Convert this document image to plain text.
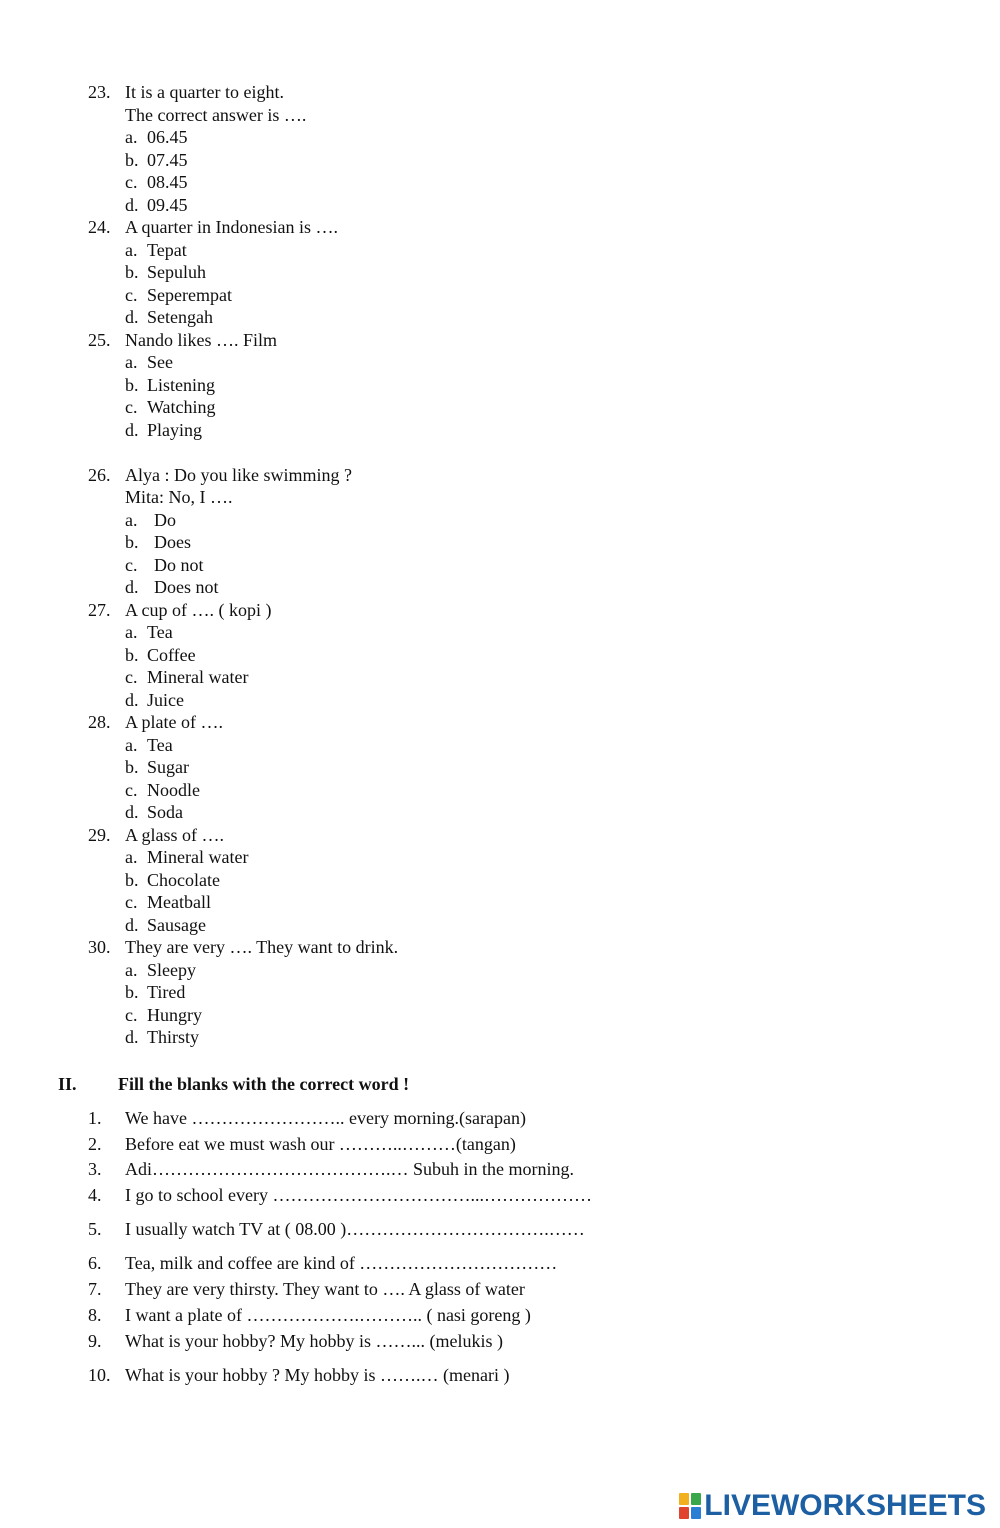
23. It is a quarter to eight.
The correct answer is ….
a. 06.45
b. 07.45
c. 08.45
d. 09.45
24. A quarter in Indonesian is ….
a. Tepat
b. Sepuluh
c. Seperempat
d. Setengah
25. Nando likes …. Film
a. See
b. Listening
c. Watching
d. Playing
26. Alya : Do you like swimming ?
Mita: No, I ….
a. Do
b. Does
c. Do not
d. Does not
27. A cup of …. ( kopi )
a. Tea
b. Coffee
c. Mineral water
d. Juice
28. A plate of ….
a. Tea
b. Sugar
c. Noodle
d. Soda
29. A glass of ….
a. Mineral water
b. Chocolate
c. Meatball
d. Sausage
30. They are very …. They want to drink.
a. Sleepy
b. Tired
c. Hungry
d. Thirsty
II. Fill the blanks with the correct word !
1. We have …………………….. every morning.(sarapan)
2. Before eat we must wash our ………..………(tangan)
3. Adi………………………………….… Subuh in the morning.
4. I go to school every ……………………………...………………
5. I usually watch TV at ( 08.00 )…………………………….……
6. Tea, milk and coffee are kind of ……………………………
7. They are very thirsty. They want to …. A glass of water
8. I want a plate of ……………….……….. ( nasi goreng )
9. What is your hobby? My hobby is ……... (melukis )
10. What is your hobby ? My hobby is …….… (menari )
LIVEWORKSHEETS
